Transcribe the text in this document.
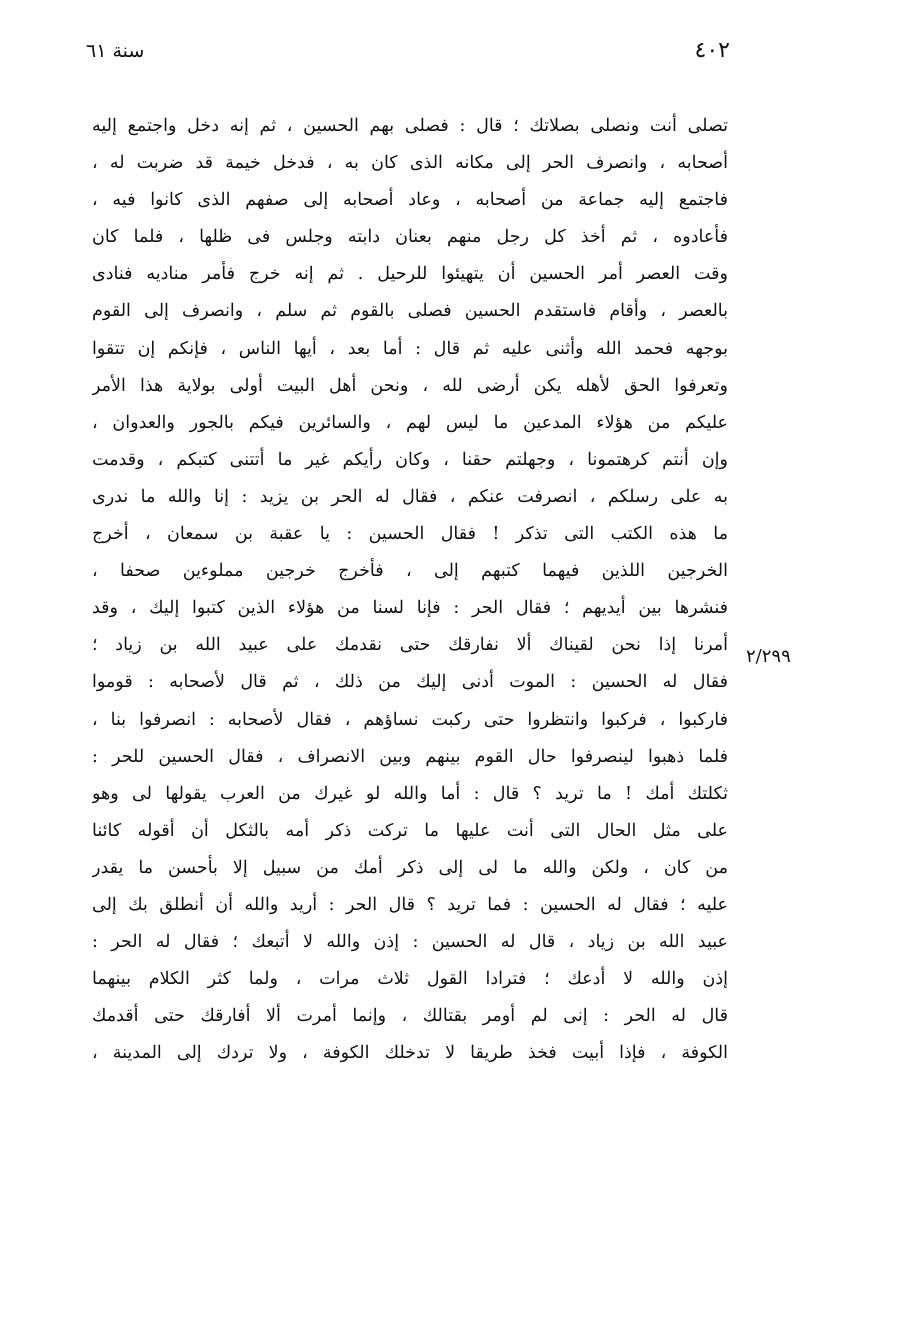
٤٠٢
سنة ٦١
تصلى أنت ونصلى بصلاتك ؛ قال : فصلى بهم الحسين ، ثم إنه دخل واجتمع إليه
أصحابه ، وانصرف الحر إلى مكانه الذى كان به ، فدخل خيمة قد ضربت له ،
فاجتمع إليه جماعة من أصحابه ، وعاد أصحابه إلى صفهم الذى كانوا فيه ،
فأعادوه ، ثم أخذ كل رجل منهم بعنان دابته وجلس فى ظلها ، فلما كان
وقت العصر أمر الحسين أن يتهيئوا للرحيل . ثم إنه خرج فأمر مناديه فنادى
بالعصر ، وأقام فاستقدم الحسين فصلى بالقوم ثم سلم ، وانصرف إلى القوم
بوجهه فحمد الله وأثنى عليه ثم قال : أما بعد ، أيها الناس ، فإنكم إن تتقوا
وتعرفوا الحق لأهله يكن أرضى لله ، ونحن أهل البيت أولى بولاية هذا الأمر
عليكم من هؤلاء المدعين ما ليس لهم ، والسائرين فيكم بالجور والعدوان ،
وإن أنتم كرهتمونا ، وجهلتم حقنا ، وكان رأيكم غير ما أتتنى كتبكم ، وقدمت
به على رسلكم ، انصرفت عنكم ، فقال له الحر بن يزيد : إنا والله ما ندرى
ما هذه الكتب التى تذكر ! فقال الحسين : يا عقبة بن سمعان ، أخرج
الخرجين اللذين فيهما كتبهم إلى ، فأخرج خرجين مملوءين صحفا ،
فنشرها بين أيديهم ؛ فقال الحر : فإنا لسنا من هؤلاء الذين كتبوا إليك ، وقد
أمرنا إذا نحن لقيناك ألا نفارقك حتى نقدمك على عبيد الله بن زياد ؛
فقال له الحسين : الموت أدنى إليك من ذلك ، ثم قال لأصحابه : قوموا
فاركبوا ، فركبوا وانتظروا حتى ركبت نساؤهم ، فقال لأصحابه : انصرفوا بنا ،
فلما ذهبوا لينصرفوا حال القوم بينهم وبين الانصراف ، فقال الحسين للحر :
ثكلتك أمك ! ما تريد ؟ قال : أما والله لو غيرك من العرب يقولها لى وهو
على مثل الحال التى أنت عليها ما تركت ذكر أمه بالثكل أن أقوله كائنا
من كان ، ولكن والله ما لى إلى ذكر أمك من سبيل إلا بأحسن ما يقدر
عليه ؛ فقال له الحسين : فما تريد ؟ قال الحر : أريد والله أن أنطلق بك إلى
عبيد الله بن زياد ، قال له الحسين : إذن والله لا أتبعك ؛ فقال له الحر :
إذن والله لا أدعك ؛ فترادا القول ثلاث مرات ، ولما كثر الكلام بينهما
قال له الحر : إنى لم أومر بقتالك ، وإنما أمرت ألا أفارقك حتى أقدمك
الكوفة ، فإذا أبيت فخذ طريقا لا تدخلك الكوفة ، ولا تردك إلى المدينة ،
٢/٢٩٩
